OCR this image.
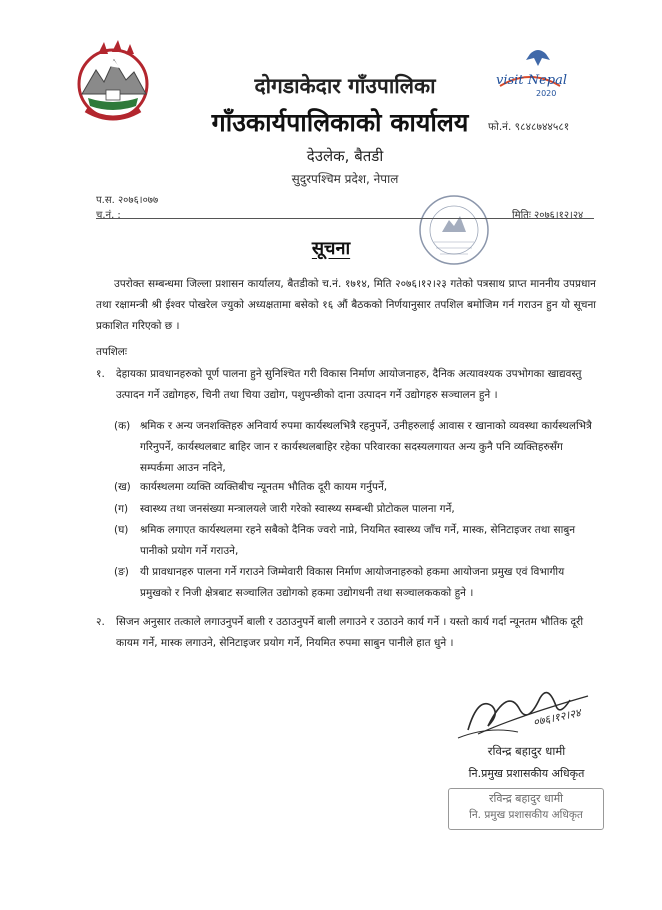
visit Nepal
2020
दोगडाकेदार गाँउपालिका
गाँउकार्यपालिकाको कार्यालय	फो.नं. ९८४८७४४५८१
देउलेक, बैतडी
सुदुरपश्चिम प्रदेश, नेपाल
प.स. २०७६।०७७
च.नं. :	मितिः २०७६।१२।२४
सूचना
उपरोक्त सम्बन्धमा जिल्ला प्रशासन कार्यालय, बैतडीको च.नं. १७१४, मिति २०७६।१२।२३ गतेको पत्रसाथ प्राप्त माननीय उपप्रधान तथा रक्षामन्त्री श्री ईश्वर पोखरेल ज्युको अध्यक्षतामा बसेको १६ औं बैठकको निर्णयानुसार तपशिल बमोजिम गर्न गराउन हुन यो सूचना प्रकाशित गरिएको छ ।
तपशिलः
१. देहायका प्रावधानहरुको पूर्ण पालना हुने सुनिश्चित गरी विकास निर्माण आयोजनाहरु, दैनिक अत्यावश्यक उपभोगका खाद्यवस्तु उत्पादन गर्ने उद्योगहरु, चिनी तथा चिया उद्योग, पशुपन्छीको दाना उत्पादन गर्ने उद्योगहरु सञ्चालन हुने ।
(क) श्रमिक र अन्य जनशक्तिहरु अनिवार्य रुपमा कार्यस्थलभित्रै रहनुपर्ने, उनीहरुलाई आवास र खानाको व्यवस्था कार्यस्थलभित्रै गरिनुपर्ने, कार्यस्थलबाट बाहिर जान र कार्यस्थलबाहिर रहेका परिवारका सदस्यलगायत अन्य कुनै पनि व्यक्तिहरुसँग सम्पर्कमा आउन नदिने,
(ख) कार्यस्थलमा व्यक्ति व्यक्तिबीच न्यूनतम भौतिक दूरी कायम गर्नुपर्ने,
(ग) स्वास्थ्य तथा जनसंख्या मन्त्रालयले जारी गरेको स्वास्थ्य सम्बन्धी प्रोटोकल पालना गर्ने,
(घ) श्रमिक लगाएत कार्यस्थलमा रहने सबैको दैनिक ज्वरो नाप्ने, नियमित स्वास्थ्य जाँच गर्ने, मास्क, सेनिटाइजर तथा साबुन पानीको प्रयोग गर्ने गराउने,
(ङ) यी प्रावधानहरु पालना गर्ने गराउने जिम्मेवारी विकास निर्माण आयोजनाहरुको हकमा आयोजना प्रमुख एवं विभागीय प्रमुखको र निजी क्षेत्रबाट सञ्चालित उद्योगको हकमा उद्योगधनी तथा सञ्चालककको हुने ।
२. सिजन अनुसार तत्काले लगाउनुपर्ने बाली र उठाउनुपर्ने बाली लगाउने र उठाउने कार्य गर्ने । यस्तो कार्य गर्दा न्यूनतम भौतिक दूरी कायम गर्ने, मास्क लगाउने, सेनिटाइजर प्रयोग गर्ने, नियमित रुपमा साबुन पानीले हात धुने ।
०७६।१२।२४
रविन्द्र बहादुर धामी
नि.प्रमुख प्रशासकीय अधिकृत
रविन्द्र बहादुर धामी
नि. प्रमुख प्रशासकीय अधिकृत
